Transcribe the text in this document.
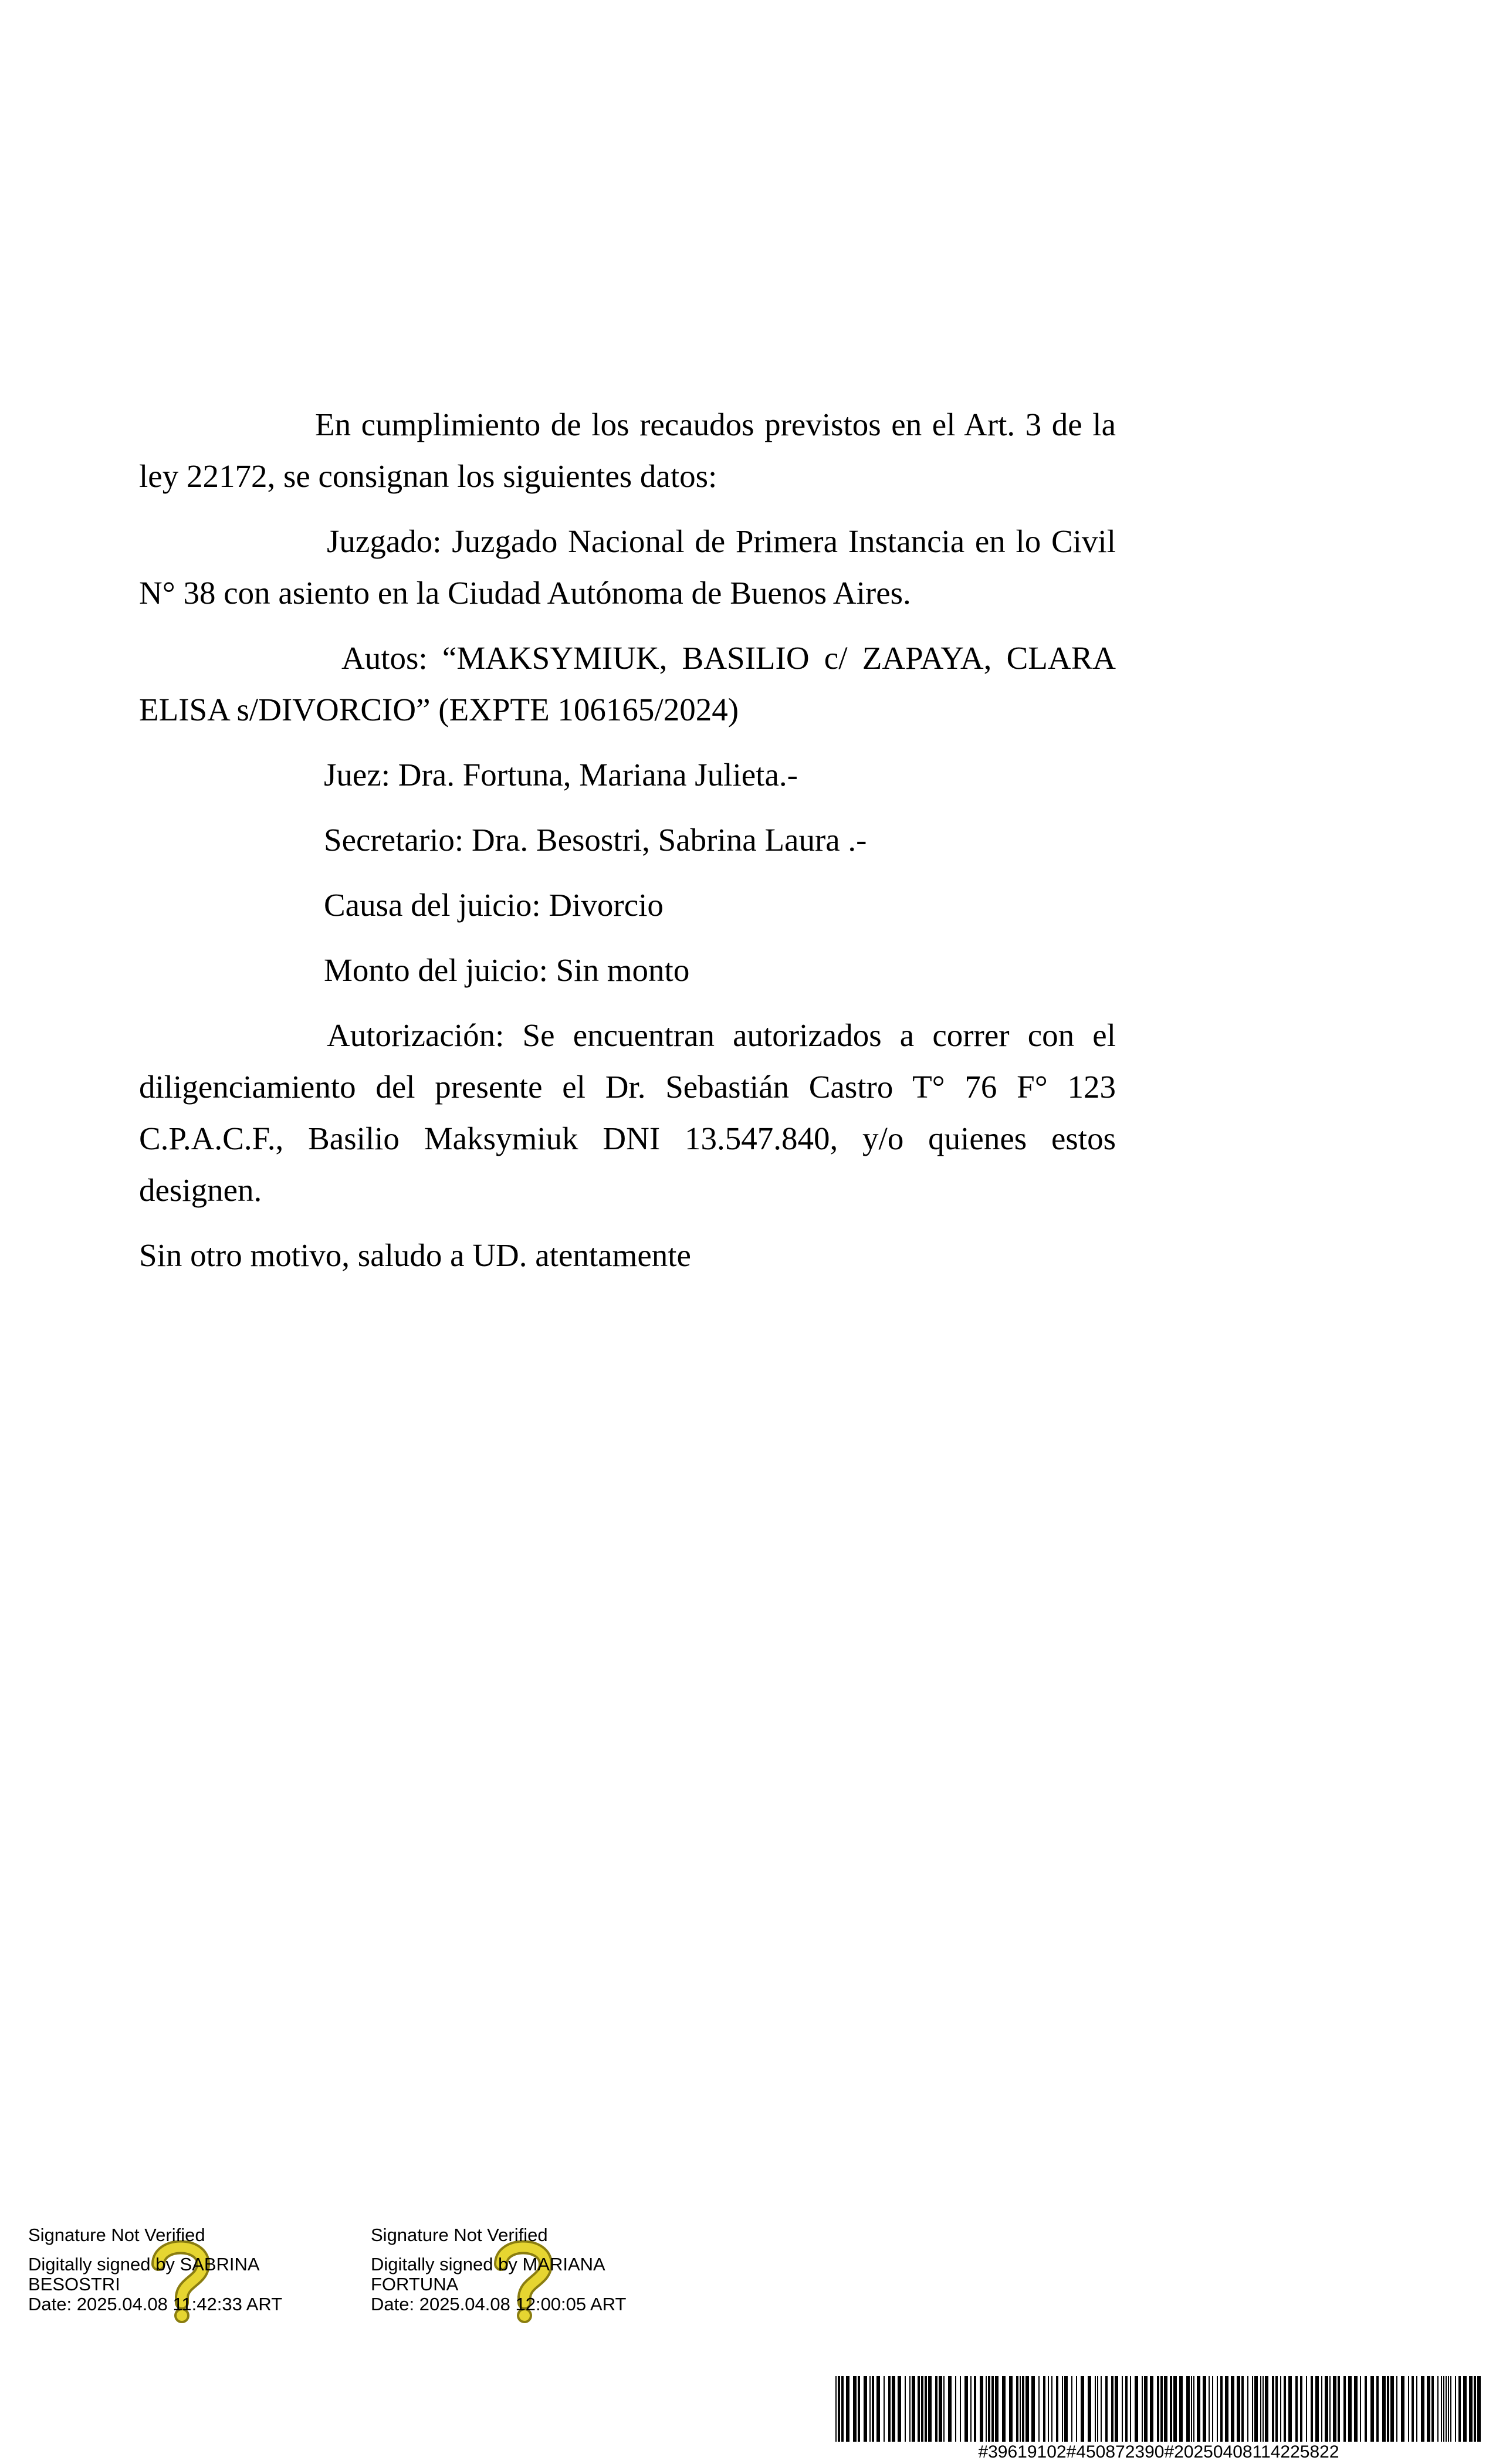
En cumplimiento de los recaudos previstos en el Art. 3 de la ley 22172, se consignan los siguientes datos:

Juzgado: Juzgado Nacional de Primera Instancia en lo Civil N° 38 con asiento en la Ciudad Autónoma de Buenos Aires.

Autos: “MAKSYMIUK, BASILIO c/ ZAPAYA, CLARA ELISA s/DIVORCIO” (EXPTE 106165/2024)

Juez: Dra. Fortuna, Mariana Julieta.-

Secretario: Dra. Besostri, Sabrina Laura .-

Causa del juicio: Divorcio

Monto del juicio: Sin monto

Autorización: Se encuentran autorizados a correr con el diligenciamiento del presente el Dr. Sebastián Castro T° 76 F° 123 C.P.A.C.F., Basilio Maksymiuk DNI 13.547.840, y/o quienes estos designen.

Sin otro motivo, saludo a UD. atentamente

Signature Not Verified
Digitally signed by SABRINA
BESOSTRI
Date: 2025.04.08 11:42:33 ART
Signature Not Verified
Digitally signed by MARIANA
FORTUNA
Date: 2025.04.08 12:00:05 ART
#39619102#450872390#20250408114225822
